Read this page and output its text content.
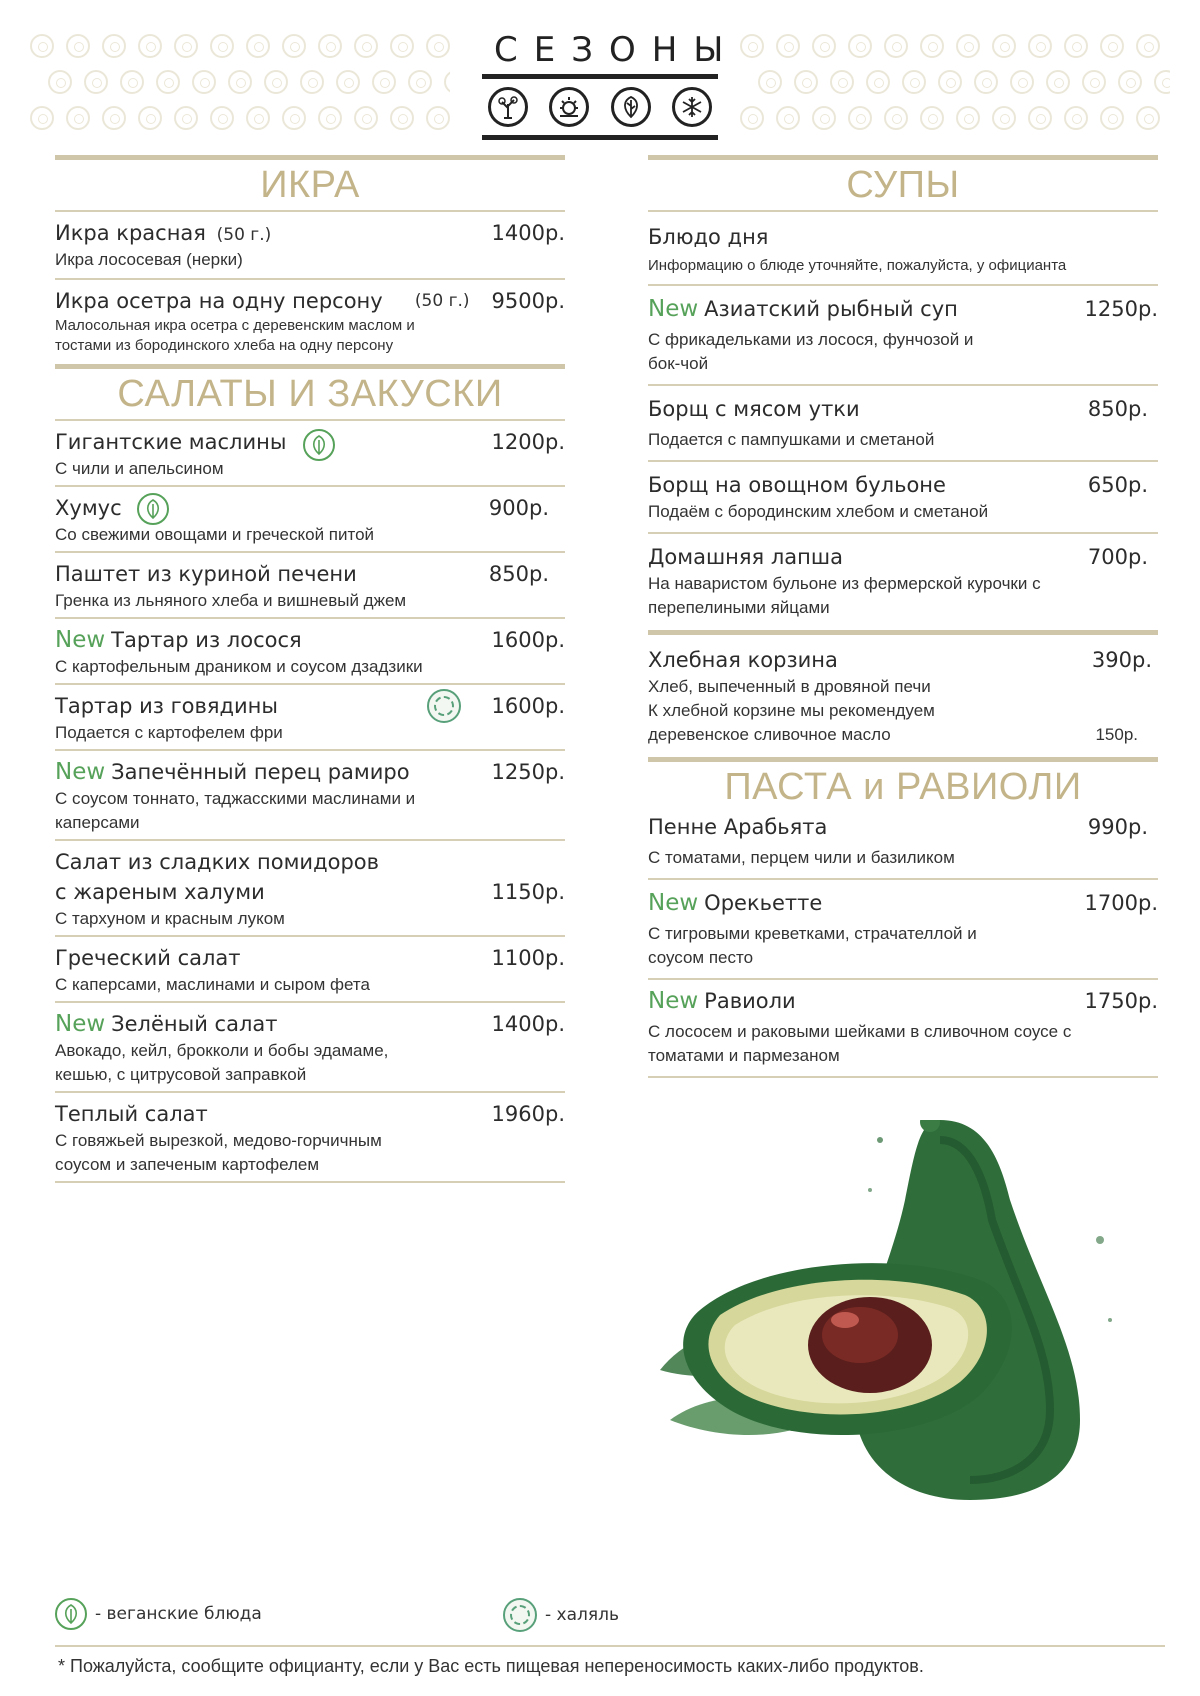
СЕЗОНЫ
ИКРА
Икра красная (50 г.)	1400р.
Икра лососевая (нерки)
Икра осетра на одну персону	(50 г.) 9500р.
Малосольная икра осетра с деревенским маслом и тостами из бородинского хлеба на одну персону
САЛАТЫ И ЗАКУСКИ
Гигантские маслины	1200р.
С чили и апельсином
Хумус	900р.
Со свежими овощами и греческой питой
Паштет из куриной печени	850р.
Гренка из льняного хлеба и вишневый джем
New Тартар из лосося	1600р.
С картофельным драником и соусом дзадзики
Тартар из говядины	1600р.
Подается с картофелем фри
New Запечённый перец рамиро	1250р.
С соусом тоннато, таджасскими маслинами и каперсами
Салат из сладких помидоров
с жареным халуми	1150р.
С тархуном и красным луком
Греческий салат	1100р.
С каперсами, маслинами и сыром фета
New Зелёный салат	1400р.
Авокадо, кейл, брокколи и бобы эдамаме, кешью, с цитрусовой заправкой
Теплый салат	1960р.
С говяжьей вырезкой, медово-горчичным соусом и запеченым картофелем
СУПЫ
Блюдо дня
Информацию о блюде уточняйте, пожалуйста, у официанта
New Азиатский рыбный суп	1250р.
С фрикадельками из лосося, фунчозой и бок-чой
Борщ с мясом утки	850р.
Подается с пампушками и сметаной
Борщ на овощном бульоне	650р.
Подаём с бородинским хлебом и сметаной
Домашняя лапша	700р.
На наваристом бульоне из фермерской курочки с перепелиными яйцами
Хлебная корзина	390р.
Хлеб, выпеченный в дровяной печи
К хлебной корзине мы рекомендуем
деревенское сливочное масло	150р.
ПАСТА и РАВИОЛИ
Пенне Арабьята	990р.
С томатами, перцем чили и базиликом
New Орекьетте	1700р.
С тигровыми креветками, страчателлой и соусом песто
New Равиоли	1750р.
С лососем и раковыми шейками в сливочном соусе с томатами и пармезаном
- веганские блюда	- халяль
* Пожалуйста, сообщите официанту, если у Вас есть пищевая непереносимость каких-либо продуктов.
